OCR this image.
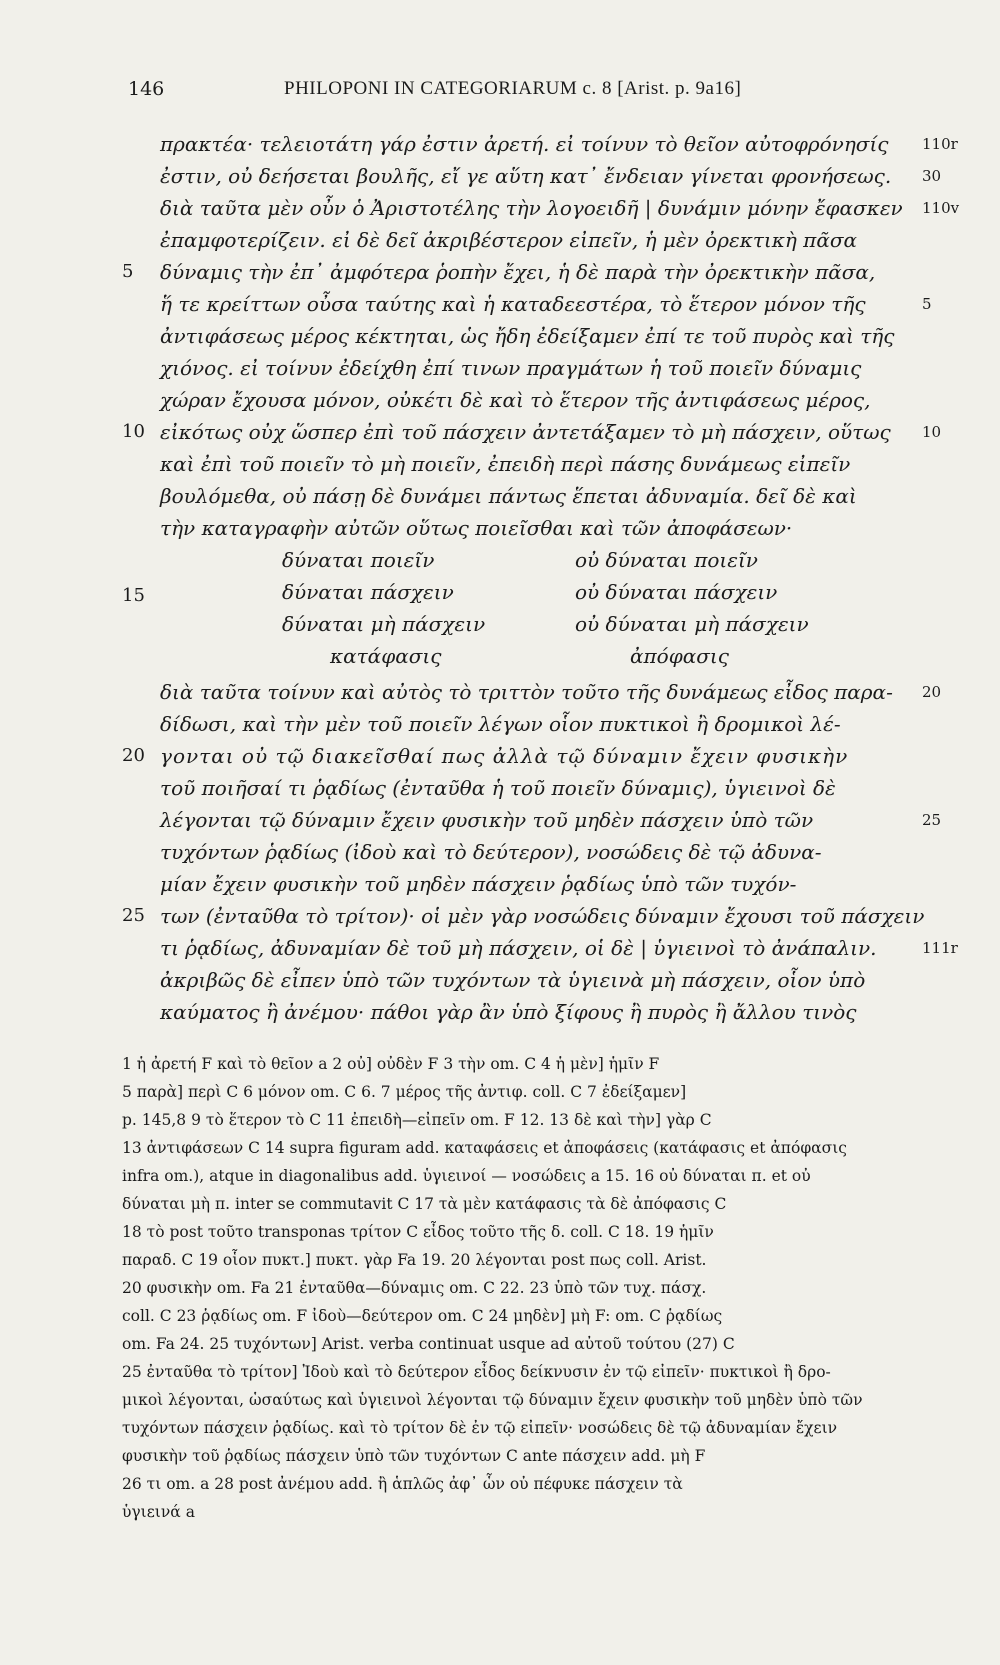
146	PHILOPONI IN CATEGORIARUM c. 8 [Arist. p. 9a16]
πρακτέα· τελειοτάτη γάρ ἐστιν ἀρετή. εἰ τοίνυν τὸ θεῖον αὐτοφρόνησίς
ἐστιν, οὐ δεήσεται βουλῆς, εἴ γε αὕτη κατ᾽ ἔνδειαν γίνεται φρονήσεως.
διὰ ταῦτα μὲν οὖν ὁ Ἀριστοτέλης τὴν λογοειδῆ | δυνάμιν μόνην ἔφασκεν
ἐπαμφοτερίζειν. εἰ δὲ δεῖ ἀκριβέστερον εἰπεῖν, ἡ μὲν ὀρεκτικὴ πᾶσα
δύναμις τὴν ἐπ᾽ ἀμφότερα ῥοπὴν ἔχει, ἡ δὲ παρὰ τὴν ὀρεκτικὴν πᾶσα,
ἥ τε κρείττων οὖσα ταύτης καὶ ἡ καταδεεστέρα, τὸ ἕτερον μόνον τῆς
ἀντιφάσεως μέρος κέκτηται, ὡς ἤδη ἐδείξαμεν ἐπί τε τοῦ πυρὸς καὶ τῆς
χιόνος. εἰ τοίνυν ἐδείχθη ἐπί τινων πραγμάτων ἡ τοῦ ποιεῖν δύναμις
χώραν ἔχουσα μόνον, οὐκέτι δὲ καὶ τὸ ἕτερον τῆς ἀντιφάσεως μέρος,
εἰκότως οὐχ ὥσπερ ἐπὶ τοῦ πάσχειν ἀντετάξαμεν τὸ μὴ πάσχειν, οὕτως
καὶ ἐπὶ τοῦ ποιεῖν τὸ μὴ ποιεῖν, ἐπειδὴ περὶ πάσης δυνάμεως εἰπεῖν
βουλόμεθα, οὐ πάσῃ δὲ δυνάμει πάντως ἕπεται ἀδυναμία. δεῖ δὲ καὶ
τὴν καταγραφὴν αὐτῶν οὕτως ποιεῖσθαι καὶ τῶν ἀποφάσεων·
δύναται ποιεῖν
δύναται πάσχειν
δύναται μὴ πάσχειν
κατάφασις
οὐ δύναται ποιεῖν
οὐ δύναται πάσχειν
οὐ δύναται μὴ πάσχειν
ἀπόφασις
διὰ ταῦτα τοίνυν καὶ αὐτὸς τὸ τριττὸν τοῦτο τῆς δυνάμεως εἶδος παρα-
δίδωσι, καὶ τὴν μὲν τοῦ ποιεῖν λέγων οἷον πυκτικοὶ ἢ δρομικοὶ λέ-
γονται οὐ τῷ διακεῖσθαί πως ἀλλὰ τῷ δύναμιν ἔχειν φυσικὴν
τοῦ ποιῆσαί τι ῥᾳδίως (ἐνταῦθα ἡ τοῦ ποιεῖν δύναμις), ὑγιεινοὶ δὲ
λέγονται τῷ δύναμιν ἔχειν φυσικὴν τοῦ μηδὲν πάσχειν ὑπὸ τῶν
τυχόντων ῥᾳδίως (ἰδοὺ καὶ τὸ δεύτερον), νοσώδεις δὲ τῷ ἀδυνα-
μίαν ἔχειν φυσικὴν τοῦ μηδὲν πάσχειν ῥᾳδίως ὑπὸ τῶν τυχόν-
των (ἐνταῦθα τὸ τρίτον)· οἱ μὲν γὰρ νοσώδεις δύναμιν ἔχουσι τοῦ πάσχειν
τι ῥᾳδίως, ἀδυναμίαν δὲ τοῦ μὴ πάσχειν, οἱ δὲ | ὑγιεινοὶ τὸ ἀνάπαλιν.
ἀκριβῶς δὲ εἶπεν ὑπὸ τῶν τυχόντων τὰ ὑγιεινὰ μὴ πάσχειν, οἷον ὑπὸ
καύματος ἢ ἀνέμου· πάθοι γὰρ ἂν ὑπὸ ξίφους ἢ πυρὸς ἢ ἄλλου τινὸς
5
10
15
20
25
110r
30
110v
5
10
20
25
111r
1 ἡ ἀρετή F καὶ τὸ θεῖον a 2 οὐ] οὐδὲν F 3 τὴν om. C 4 ἡ μὲν] ἡμῖν F
5 παρὰ] περὶ C 6 μόνον om. C 6. 7 μέρος τῆς ἀντιφ. coll. C 7 ἐδείξαμεν]
p. 145,8 9 τὸ ἕτερον τὸ C 11 ἐπειδὴ—εἰπεῖν om. F 12. 13 δὲ καὶ τὴν] γὰρ C
13 ἀντιφάσεων C 14 supra figuram add. καταφάσεις et ἀποφάσεις (κατάφασις et ἀπόφασις
infra om.), atque in diagonalibus add. ὑγιεινοί — νοσώδεις a 15. 16 οὐ δύναται π. et οὐ
δύναται μὴ π. inter se commutavit C 17 τὰ μὲν κατάφασις τὰ δὲ ἀπόφασις C
18 τὸ post τοῦτο transponas τρίτον C εἶδος τοῦτο τῆς δ. coll. C 18. 19 ἡμῖν
παραδ. C 19 οἷον πυκτ.] πυκτ. γὰρ Fa 19. 20 λέγονται post πως coll. Arist.
20 φυσικὴν om. Fa 21 ἐνταῦθα—δύναμις om. C 22. 23 ὑπὸ τῶν τυχ. πάσχ.
coll. C 23 ῥᾳδίως om. F ἰδοὺ—δεύτερον om. C 24 μηδὲν] μὴ F: om. C ῥᾳδίως
om. Fa 24. 25 τυχόντων] Arist. verba continuat usque ad αὐτοῦ τούτου (27) C
25 ἐνταῦθα τὸ τρίτον] Ἰδοὺ καὶ τὸ δεύτερον εἶδος δείκνυσιν ἐν τῷ εἰπεῖν· πυκτικοὶ ἢ δρο-
μικοὶ λέγονται, ὡσαύτως καὶ ὑγιεινοὶ λέγονται τῷ δύναμιν ἔχειν φυσικὴν τοῦ μηδὲν ὑπὸ τῶν
τυχόντων πάσχειν ῥᾳδίως. καὶ τὸ τρίτον δὲ ἐν τῷ εἰπεῖν· νοσώδεις δὲ τῷ ἀδυναμίαν ἔχειν
φυσικὴν τοῦ ῥᾳδίως πάσχειν ὑπὸ τῶν τυχόντων C ante πάσχειν add. μὴ F
26 τι om. a 28 post ἀνέμου add. ἢ ἁπλῶς ἀφ᾽ ὧν οὐ πέφυκε πάσχειν τὰ
ὑγιεινά a
